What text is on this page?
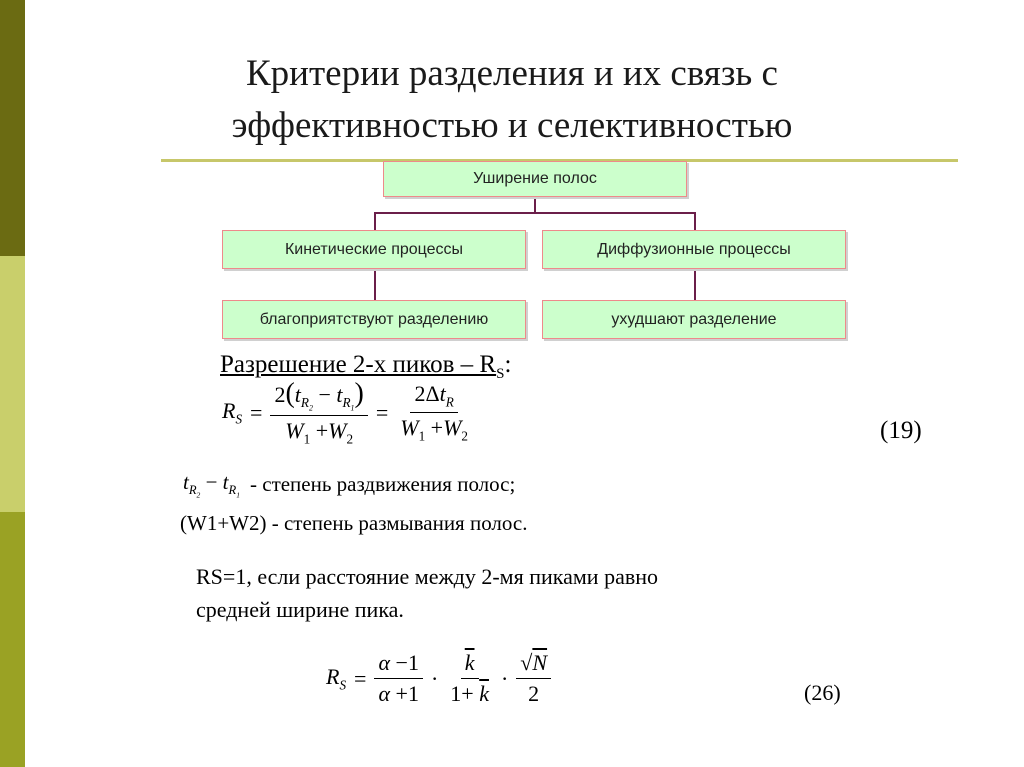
Критерии разделения и их связь с
эффективностью и селективностью
Уширение полос
Кинетические процессы	Диффузионные процессы
благоприятствуют разделению	ухудшают разделение
Разрешение 2-х пиков – $R_S$:
$R_S = \frac{2(t_{R_2} - t_{R_1})}{W_1 +W_2} = \frac{2\Delta t_R}{W_1 +W_2}$	(19)
$t_{R_2} - t_{R_1}$ - степень раздвижения полос;
(W1+W2) - степень размывания полос.
RS=1, если расстояние между 2-мя пиками равно
средней ширине пика.
$R_S = \frac{\alpha -1}{\alpha +1} \cdot \frac{\overline{k}}{1+ \overline{k}} \cdot \frac{√N}{2}$	(26)
